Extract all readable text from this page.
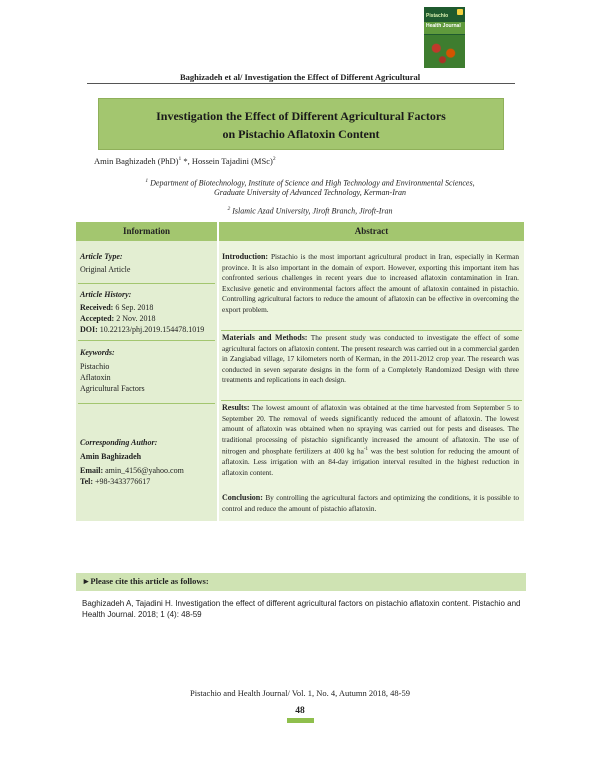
Pistachio
Health Journal
Baghizadeh et al/ Investigation the Effect of Different Agricultural
Investigation the Effect of Different Agricultural Factors
on Pistachio Aflatoxin Content
Amin Baghizadeh (PhD)$^1$ *, Hossein Tajadini (MSc)$^2$
$^1$ Department of Biotechnology, Institute of Science and High Technology and Environmental Sciences,
Graduate University of Advanced Technology, Kerman-Iran
$^2$ Islamic Azad University, Jiroft Branch, Jiroft-Iran
Information	Abstract
Article Type:
Original Article
Article History:
Received: 6 Sep. 2018
Accepted: 2 Nov. 2018
DOI: 10.22123/phj.2019.154478.1019
Keywords:
Pistachio
Aflatoxin
Agricultural Factors
Corresponding Author:
Amin Baghizadeh
Email: amin_4156@yahoo.com
Tel: +98-3433776617
Introduction: Pistachio is the most important agricultural product in Iran, especially in Kerman province. It is also important in the domain of export. However, exporting this important item has confronted serious challenges in recent years due to increased aflatoxin contamination in Iran. Exclusive genetic and environmental factors affect the amount of aflatoxin contained in pistachio. Controlling agricultural factors to reduce the amount of aflatoxin can be effective in overcoming the export problem.
Materials and Methods: The present study was conducted to investigate the effect of some agricultural factors on aflatoxin content. The present research was carried out in a commercial garden in Zangiabad village, 17 kilometers north of Kerman, in the 2011-2012 crop year. The research was conducted in seven separate designs in the form of a Completely Randomized Design with three treatments and replications in each design.
Results: The lowest amount of aflatoxin was obtained at the time harvested from September 5 to September 20. The removal of weeds significantly reduced the amount of aflatoxin. The lowest amount of aflatoxin was obtained when no spraying was carried out for pests and diseases. The traditional processing of pistachio significantly increased the amount of aflatoxin. The use of nitrogen and phosphate fertilizers at 400 kg $ha^{-1}$ was the best solution for reducing the amount of aflatoxin. Less irrigation with an 84-day irrigation interval resulted in the highest reduction in aflatoxin content.
Conclusion: By controlling the agricultural factors and optimizing the conditions, it is possible to control and reduce the amount of pistachio aflatoxin.
►Please cite this article as follows:
Baghizadeh A, Tajadini H. Investigation the effect of different agricultural factors on pistachio aflatoxin content. Pistachio and Health Journal. 2018; 1 (4): 48-59
Pistachio and Health Journal/ Vol. 1, No. 4, Autumn 2018, 48-59
48
